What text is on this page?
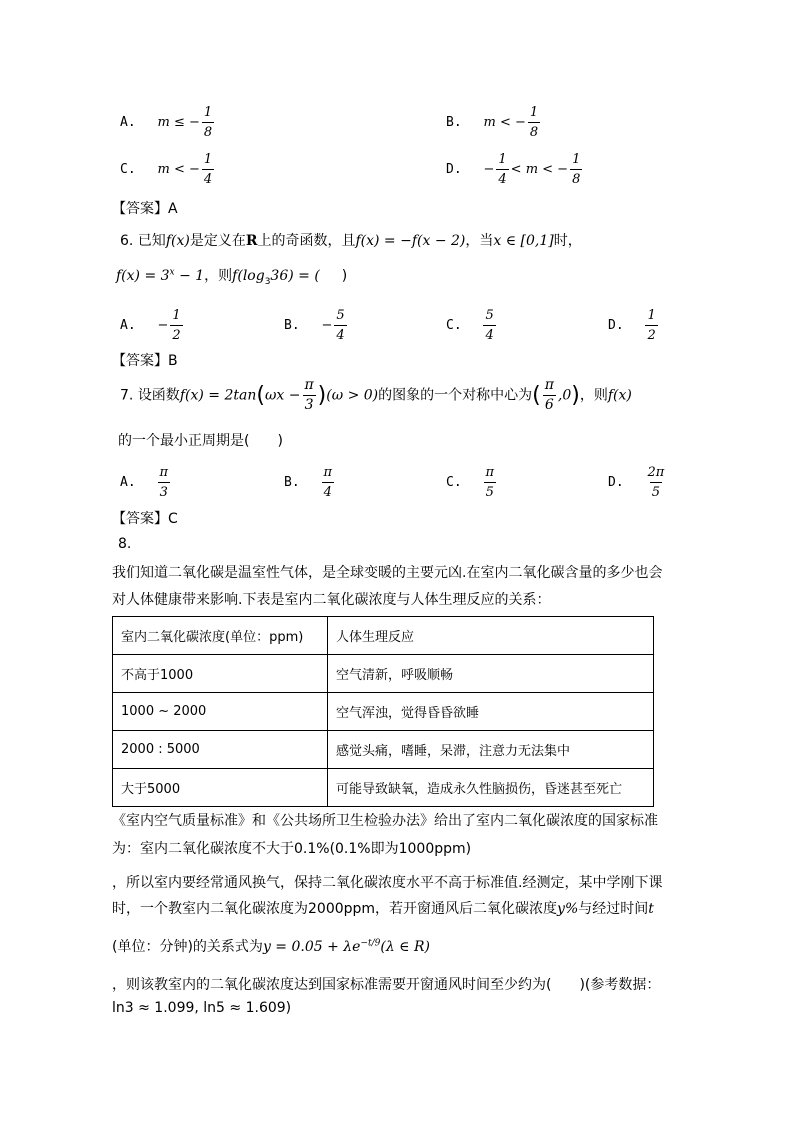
A. m ≤ − $\frac{1}{8}$	B. m < − $\frac{1}{8}$
C. m < − $\frac{1}{4}$	D. − $\frac{1}{4} < m$ < − $\frac{1}{8}$
【答案】A
6. 已知f(x)是定义在R上的奇函数，且f(x) = −f(x − 2)，当x ∈ [0,1]时，
$f(x) = 3^x - 1$，则$f(\log_336)$ = ( )
A. − $\frac{1}{2}$	B. − $\frac{5}{4}$	C. $\frac{5}{4}$	D. $\frac{1}{2}$
【答案】B
7. 设函数$f(x) = 2\tan(\omega x - \frac{\pi}{3} )(\omega > 0)$的图象的一个对称中心为( $\frac{\pi}{6} ,0$)，则f(x)
的一个最小正周期是(　　)
A. $\frac{\pi}{3}$	B. $\frac{\pi}{4}$	C. $\frac{\pi}{5}$	D. $\frac{2\pi}{5}$
【答案】C
8.
我们知道二氧化碳是温室性气体，是全球变暖的主要元凶.在室内二氧化碳含量的多少也会
对人体健康带来影响.下表是室内二氧化碳浓度与人体生理反应的关系：
室内二氧化碳浓度(单位：ppm)	人体生理反应
不高于1000	空气清新，呼吸顺畅
1000 ~ 2000	空气浑浊，觉得昏昏欲睡
2000 : 5000	感觉头痛，嗜睡，呆滞，注意力无法集中
大于5000	可能导致缺氧，造成永久性脑损伤，昏迷甚至死亡
《室内空气质量标准》和《公共场所卫生检验办法》给出了室内二氧化碳浓度的国家标准
为：室内二氧化碳浓度不大于0.1%(0.1%即为1000ppm)
，所以室内要经常通风换气，保持二氧化碳浓度水平不高于标准值.经测定，某中学刚下课
时，一个教室内二氧化碳浓度为2000ppm，若开窗通风后二氧化碳浓度y%与经过时间t
(单位：分钟)的关系式为$y = 0.05 + \lambda e^{-t/9}(\lambda$ ∈ R)
，则该教室内的二氧化碳浓度达到国家标准需要开窗通风时间至少约为(　　)(参考数据：
ln3 ≈ 1.099, ln5 ≈ 1.609)
